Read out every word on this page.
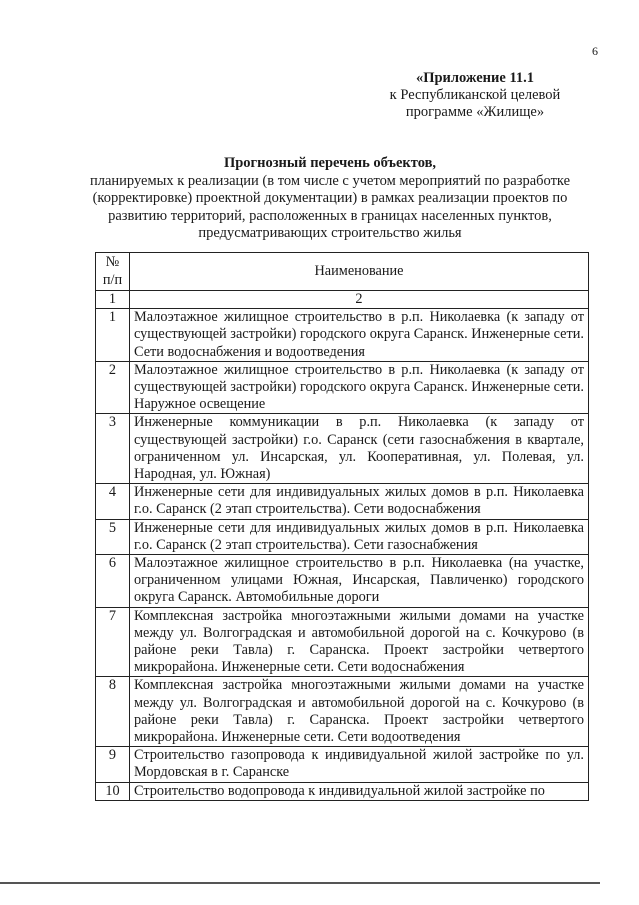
6
«Приложение 11.1
к Республиканской целевой
программе «Жилище»
Прогнозный перечень объектов,
планируемых к реализации (в том числе с учетом мероприятий по разработке (корректировке) проектной документации) в рамках реализации проектов по развитию территорий, расположенных в границах населенных пунктов, предусматривающих строительство жилья
№ п/п	Наименование
1	2
1	Малоэтажное жилищное строительство в р.п. Николаевка (к западу от существующей застройки) городского округа Саранск. Инженерные сети. Сети водоснабжения и водоотведения
2	Малоэтажное жилищное строительство в р.п. Николаевка (к западу от существующей застройки) городского округа Саранск. Инженерные сети. Наружное освещение
3	Инженерные коммуникации в р.п. Николаевка (к западу от существующей застройки) г.о. Саранск (сети газоснабжения в квартале, ограниченном ул. Инсарская, ул. Кооперативная, ул. Полевая, ул. Народная, ул. Южная)
4	Инженерные сети для индивидуальных жилых домов в р.п. Николаевка г.о. Саранск (2 этап строительства). Сети водоснабжения
5	Инженерные сети для индивидуальных жилых домов в р.п. Николаевка г.о. Саранск (2 этап строительства). Сети газоснабжения
6	Малоэтажное жилищное строительство в р.п. Николаевка (на участке, ограниченном улицами Южная, Инсарская, Павличенко) городского округа Саранск. Автомобильные дороги
7	Комплексная застройка многоэтажными жилыми домами на участке между ул. Волгоградская и автомобильной дорогой на с. Кочкурово (в районе реки Тавла) г. Саранска. Проект застройки четвертого микрорайона. Инженерные сети. Сети водоснабжения
8	Комплексная застройка многоэтажными жилыми домами на участке между ул. Волгоградская и автомобильной дорогой на с. Кочкурово (в районе реки Тавла) г. Саранска. Проект застройки четвертого микрорайона. Инженерные сети. Сети водоотведения
9	Строительство газопровода к индивидуальной жилой застройке по ул. Мордовская в г. Саранске

10	Строительство водопровода к индивидуальной жилой застройке по
